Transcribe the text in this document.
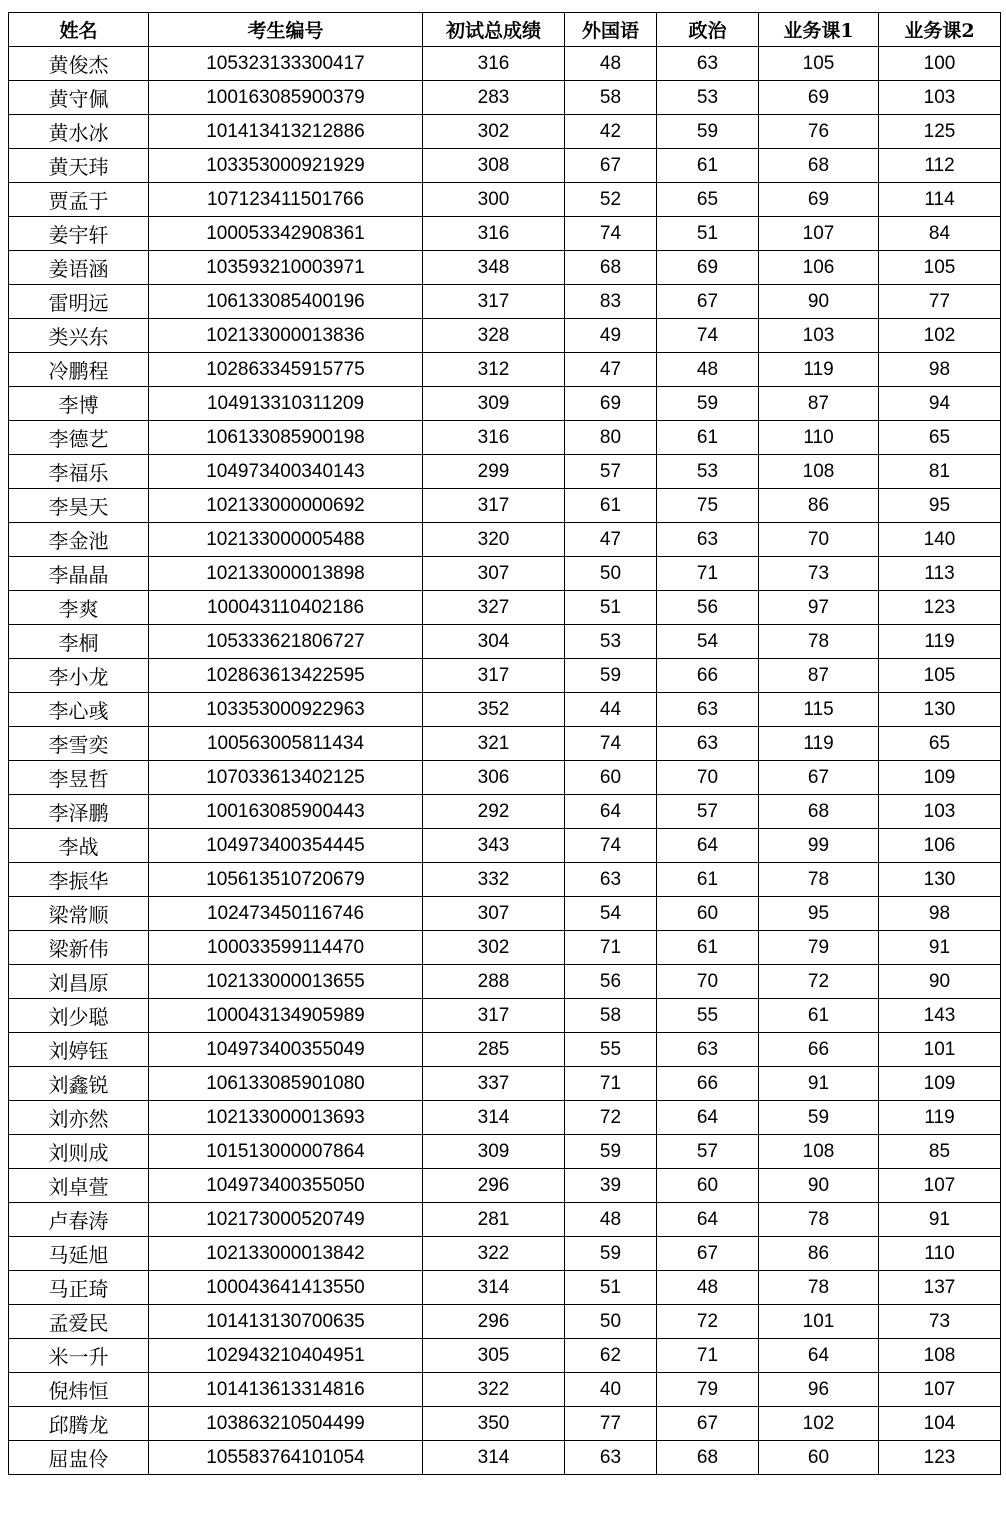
姓名	考生编号	初试总成绩	外国语	政治	业务课1	业务课2
黄俊杰	105323133300417	316	48	63	105	100
黄守佩	100163085900379	283	58	53	69	103
黄水冰	101413413212886	302	42	59	76	125
黄天玮	103353000921929	308	67	61	68	112
贾孟于	107123411501766	300	52	65	69	114
姜宇轩	100053342908361	316	74	51	107	84
姜语涵	103593210003971	348	68	69	106	105
雷明远	106133085400196	317	83	67	90	77
类兴东	102133000013836	328	49	74	103	102
冷鹏程	102863345915775	312	47	48	119	98
李博	104913310311209	309	69	59	87	94
李德艺	106133085900198	316	80	61	110	65
李福乐	104973400340143	299	57	53	108	81
李昊天	102133000000692	317	61	75	86	95
李金池	102133000005488	320	47	63	70	140
李晶晶	102133000013898	307	50	71	73	113
李爽	100043110402186	327	51	56	97	123
李桐	105333621806727	304	53	54	78	119
李小龙	102863613422595	317	59	66	87	105
李心彧	103353000922963	352	44	63	115	130
李雪奕	100563005811434	321	74	63	119	65
李昱哲	107033613402125	306	60	70	67	109
李泽鹏	100163085900443	292	64	57	68	103
李战	104973400354445	343	74	64	99	106
李振华	105613510720679	332	63	61	78	130
梁常顺	102473450116746	307	54	60	95	98
梁新伟	100033599114470	302	71	61	79	91
刘昌原	102133000013655	288	56	70	72	90
刘少聪	100043134905989	317	58	55	61	143
刘婷钰	104973400355049	285	55	63	66	101
刘鑫锐	106133085901080	337	71	66	91	109
刘亦然	102133000013693	314	72	64	59	119
刘则成	101513000007864	309	59	57	108	85
刘卓萱	104973400355050	296	39	60	90	107
卢春涛	102173000520749	281	48	64	78	91
马延旭	102133000013842	322	59	67	86	110
马正琦	100043641413550	314	51	48	78	137
孟爱民	101413130700635	296	50	72	101	73
米一升	102943210404951	305	62	71	64	108
倪炜恒	101413613314816	322	40	79	96	107
邱腾龙	103863210504499	350	77	67	102	104
屈盅伶	105583764101054	314	63	68	60	123
